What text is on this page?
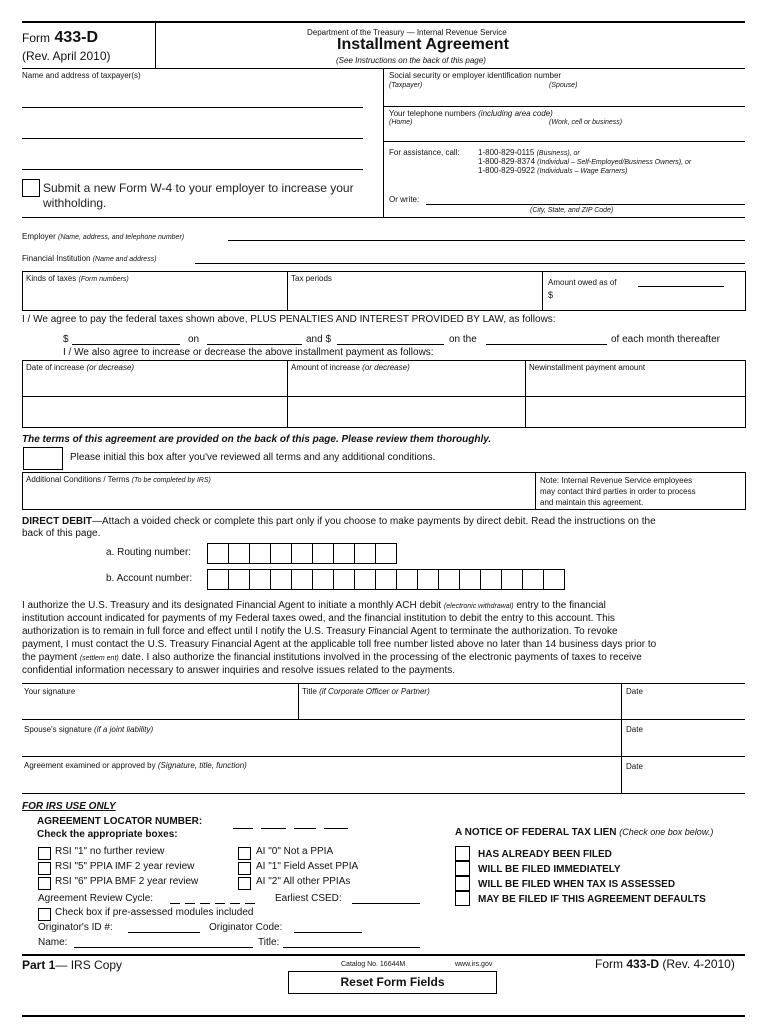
Form 433-D
(Rev. April 2010)
Department of the Treasury — Internal Revenue Service
Installment Agreement
(See Instructions on the back of this page)
Name and address of taxpayer(s)
Submit a new Form W-4 to your employer to increase your
withholding.
Social security or employer identification number
(Taxpayer)	(Spouse)
Your telephone numbers (including area code)
(Home)	(Work, cell or business)
For assistance, call: 1-800-829-0115 (Business), or
1-800-829-8374 (Individual – Self-Employed/Business Owners), or
1-800-829-0922 (Individuals – Wage Earners)
Or write:
(City, State, and ZIP Code)
Employer (Name, address, and telephone number)
Financial Institution (Name and address)
Kinds of taxes (Form numbers)	Tax periods	Amount owed as of
$
I / We agree to pay the federal taxes shown above, PLUS PENALTIES AND INTEREST PROVIDED BY LAW, as follows:
$	on	and $	on the	of each month thereafter
I / We also agree to increase or decrease the above installment payment as follows:
Date of increase (or decrease)	Amount of increase (or decrease)	Newinstallment payment amount
The terms of this agreement are provided on the back of this page. Please review them thoroughly.
Please initial this box after you've reviewed all terms and any additional conditions.
Additional Conditions / Terms (To be completed by IRS)	Note: Internal Revenue Service employees
may contact third parties in order to process
and maintain this agreement.
DIRECT DEBIT—Attach a voided check or complete this part only if you choose to make payments by direct debit. Read the instructions on the
back of this page.
a. Routing number:
b. Account number:
I authorize the U.S. Treasury and its designated Financial Agent to initiate a monthly ACH debit (electronic withdrawal) entry to the financial
institution account indicated for payments of my Federal taxes owed, and the financial institution to debit the entry to this account. This
authorization is to remain in full force and effect until I notify the U.S. Treasury Financial Agent to terminate the authorization. To revoke
payment, I must contact the U.S. Treasury Financial Agent at the applicable toll free number listed above no later than 14 business days prior to
the payment (settlem ent) date. I also authorize the financial institutions involved in the processing of the electronic payments of taxes to receive
confidential information necessary to answer inquiries and resolve issues related to the payments.
Your signature	Title (if Corporate Officer or Partner)	Date
Spouse's signature (if a joint liability)	Date
Agreement examined or approved by (Signature, title, function)	Date
FOR IRS USE ONLY
AGREEMENT LOCATOR NUMBER:
Check the appropriate boxes:
RSI "1" no further review
RSI "5" PPIA IMF 2 year review
RSI "6" PPIA BMF 2 year review
AI "0" Not a PPIA
AI "1" Field Asset PPIA
AI "2" All other PPIAs
Agreement Review Cycle:	Earliest CSED:
Check box if pre-assessed modules included
Originator's ID #:	Originator Code:
Name:	Title:
A NOTICE OF FEDERAL TAX LIEN (Check one box below.)
HAS ALREADY BEEN FILED
WILL BE FILED IMMEDIATELY
WILL BE FILED WHEN TAX IS ASSESSED
MAY BE FILED IF THIS AGREEMENT DEFAULTS
Part 1— IRS Copy	Catalog No. 16644M	www.irs.gov	Form 433-D (Rev. 4-2010)
Reset Form Fields
